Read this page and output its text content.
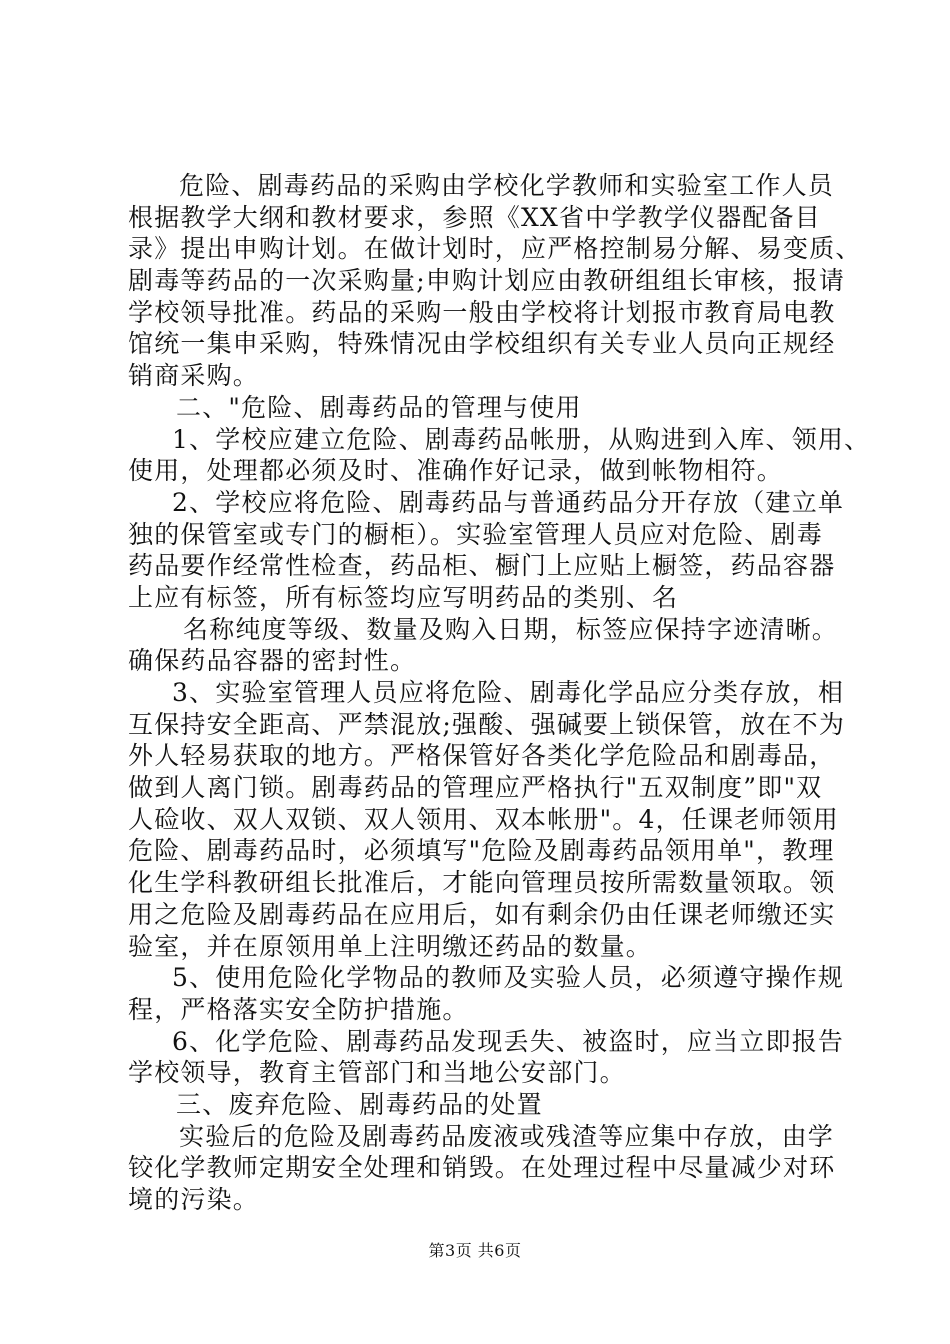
危险、剧毒药品的采购由学校化学教师和实验室工作人员
根据教学大纲和教材要求，参照《XX省中学教学仪器配备目
录》提出申购计划。在做计划时，应严格控制易分解、易变质、
剧毒等药品的一次采购量;申购计划应由教研组组长审核，报请
学校领导批准。药品的采购一般由学校将计划报市教育局电教
馆统一集申采购，特殊情况由学校组织有关专业人员向正规经
销商采购。
二、"危险、剧毒药品的管理与使用
1、学校应建立危险、剧毒药品帐册，从购进到入库、领用、
使用，处理都必须及时、准确作好记录，做到帐物相符。
2、学校应将危险、剧毒药品与普通药品分开存放（建立单
独的保管室或专门的橱柜）。实验室管理人员应对危险、剧毒
药品要作经常性检查，药品柜、橱门上应贴上橱签，药品容器
上应有标签，所有标签均应写明药品的类别、名
名称纯度等级、数量及购入日期，标签应保持字迹清晰。
确保药品容器的密封性。
3、实验室管理人员应将危险、剧毒化学品应分类存放，相
互保持安全距高、严禁混放;强酸、强碱要上锁保管，放在不为
外人轻易获取的地方。严格保管好各类化学危险品和剧毒品，
做到人离门锁。剧毒药品的管理应严格执行"五双制度”即"双
人硷收、双人双锁、双人领用、双本帐册"。4，任课老师领用
危险、剧毒药品时，必须填写"危险及剧毒药品领用单"，教理
化生学科教研组长批准后，才能向管理员按所需数量领取。领
用之危险及剧毒药品在应用后，如有剩余仍由任课老师缴还实
验室，并在原领用单上注明缴还药品的数量。
5、使用危险化学物品的教师及实验人员，必须遵守操作规
程，严格落实安全防护措施。
6、化学危险、剧毒药品发现丢失、被盗时，应当立即报告
学校领导，教育主管部门和当地公安部门。
三、废弃危险、剧毒药品的处置
实验后的危险及剧毒药品废液或残渣等应集中存放，由学
铰化学教师定期安全处理和销毁。在处理过程中尽量减少对环
境的污染。
第3页 共6页
